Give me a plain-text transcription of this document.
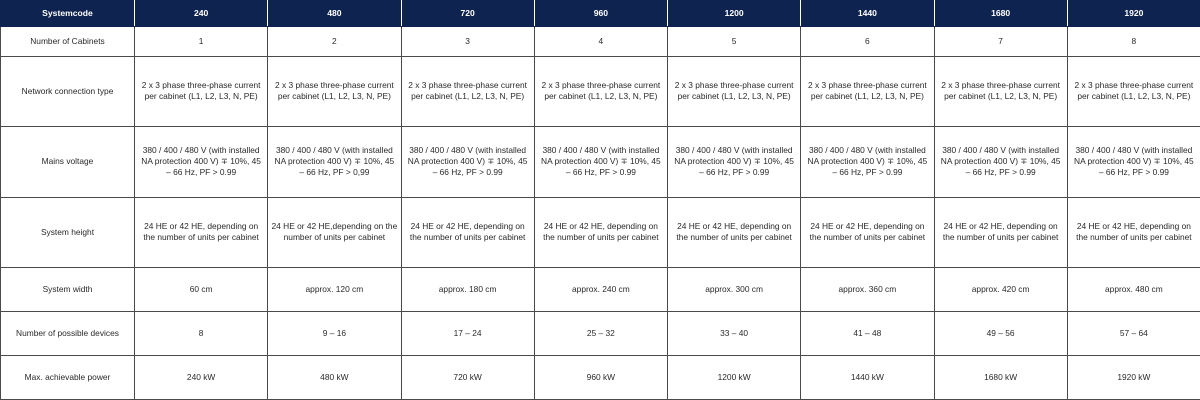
Systemcode	240	480	720	960	1200	1440	1680	1920
Number of Cabinets	1	2	3	4	5	6	7	8
Network connection type	2 x 3 phase three-phase current per cabinet (L1, L2, L3, N, PE)	2 x 3 phase three-phase current per cabinet (L1, L2, L3, N, PE)	2 x 3 phase three-phase current per cabinet (L1, L2, L3, N, PE)	2 x 3 phase three-phase current per cabinet (L1, L2, L3, N, PE)	2 x 3 phase three-phase current per cabinet (L1, L2, L3, N, PE)	2 x 3 phase three-phase current per cabinet (L1, L2, L3, N, PE)	2 x 3 phase three-phase current per cabinet (L1, L2, L3, N, PE)	2 x 3 phase three-phase current per cabinet (L1, L2, L3, N, PE)
Mains voltage	380 / 400 / 480 V (with installed NA protection 400 V) ∓ 10%, 45 – 66 Hz, PF > 0.99	380 / 400 / 480 V (with installed NA protection 400 V) ∓ 10%, 45 – 66 Hz, PF > 0,99	380 / 400 / 480 V (with installed NA protection 400 V) ∓ 10%, 45 – 66 Hz, PF > 0.99	380 / 400 / 480 V (with installed NA protection 400 V) ∓ 10%, 45 – 66 Hz, PF > 0.99	380 / 400 / 480 V (with installed NA protection 400 V) ∓ 10%, 45 – 66 Hz, PF > 0.99	380 / 400 / 480 V (with installed NA protection 400 V) ∓ 10%, 45 – 66 Hz, PF > 0.99	380 / 400 / 480 V (with installed NA protection 400 V) ∓ 10%, 45 – 66 Hz, PF > 0.99	380 / 400 / 480 V (with installed NA protection 400 V) ∓ 10%, 45 – 66 Hz, PF > 0.99
System height	24 HE or 42 HE, depending on the number of units per cabinet	24 HE or 42 HE,depending on the number of units per cabinet	24 HE or 42 HE, depending on the number of units per cabinet	24 HE or 42 HE, depending on the number of units per cabinet	24 HE or 42 HE, depending on the number of units per cabinet	24 HE or 42 HE, depending on the number of units per cabinet	24 HE or 42 HE, depending on the number of units per cabinet	24 HE or 42 HE, depending on the number of units per cabinet
System width	60 cm	approx. 120 cm	approx. 180 cm	approx. 240 cm	approx. 300 cm	approx. 360 cm	approx. 420 cm	approx. 480 cm
Number of possible devices	8	9 – 16	17 – 24	25 – 32	33 – 40	41 – 48	49 – 56	57 – 64
Max. achievable power	240 kW	480 kW	720 kW	960 kW	1200 kW	1440 kW	1680 kW	1920 kW
